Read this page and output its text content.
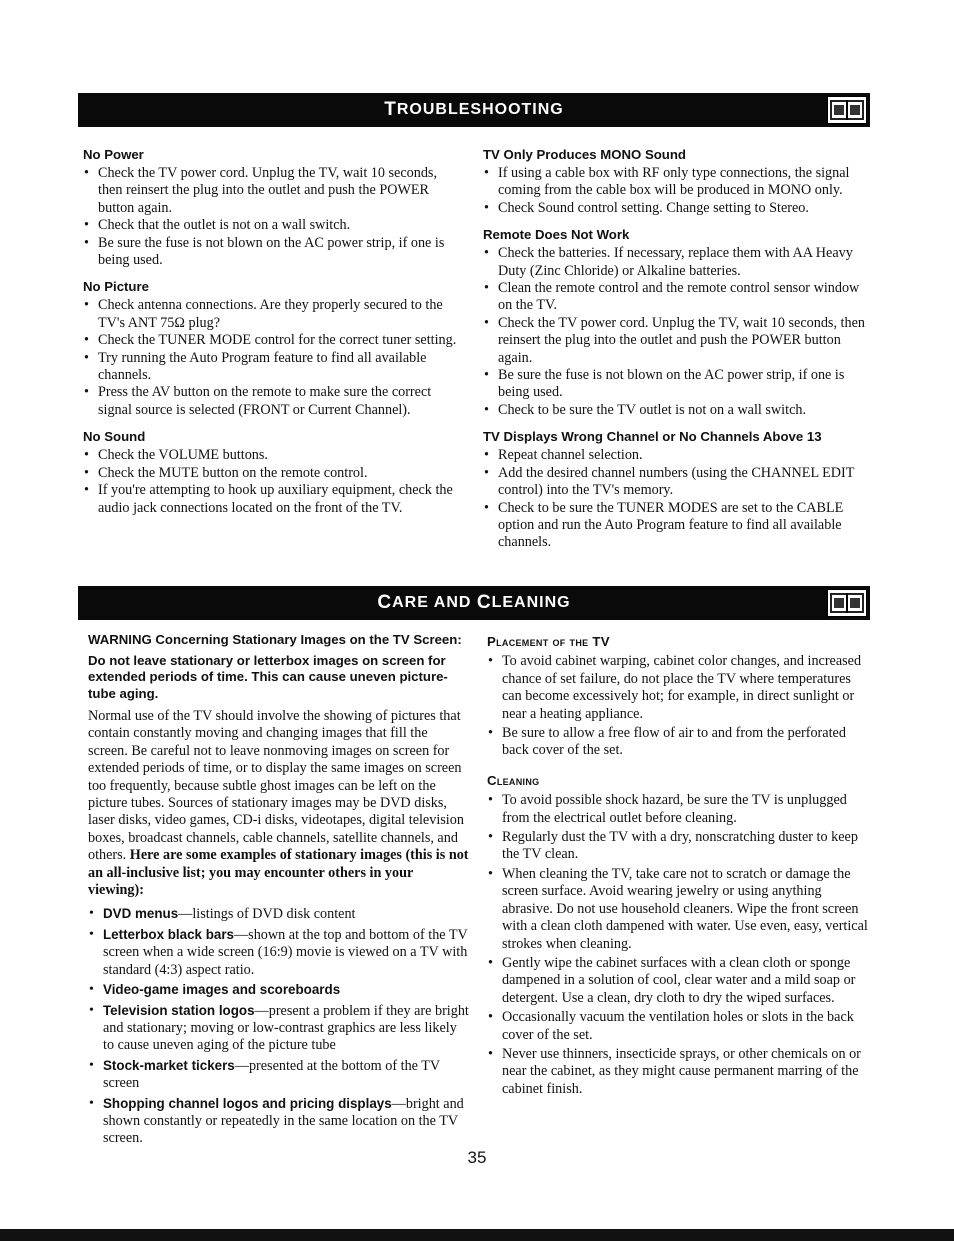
T ROUBLESHOOTING
No Power
• Check the TV power cord. Unplug the TV, wait 10 seconds, then reinsert the plug into the outlet and push the POWER button again.
• Check that the outlet is not on a wall switch.
• Be sure the fuse is not blown on the AC power strip, if one is being used.
No Picture
• Check antenna connections. Are they properly secured to the TV's ANT 75Ω plug?
• Check the TUNER MODE control for the correct tuner setting.
• Try running the Auto Program feature to find all available channels.
• Press the AV button on the remote to make sure the correct signal source is selected (FRONT or Current Channel).
No Sound
• Check the VOLUME buttons.
• Check the MUTE button on the remote control.
• If you're attempting to hook up auxiliary equipment, check the audio jack connections located on the front of the TV.
TV Only Produces MONO Sound
• If using a cable box with RF only type connections, the signal coming from the cable box will be produced in MONO only.
• Check Sound control setting. Change setting to Stereo.
Remote Does Not Work
• Check the batteries. If necessary, replace them with AA Heavy Duty (Zinc Chloride) or Alkaline batteries.
• Clean the remote control and the remote control sensor window on the TV.
• Check the TV power cord. Unplug the TV, wait 10 seconds, then reinsert the plug into the outlet and push the POWER button again.
• Be sure the fuse is not blown on the AC power strip, if one is being used.
• Check to be sure the TV outlet is not on a wall switch.
TV Displays Wrong Channel or No Channels Above 13
• Repeat channel selection.
• Add the desired channel numbers (using the CHANNEL EDIT control) into the TV's memory.
• Check to be sure the TUNER MODES are set to the CABLE option and run the Auto Program feature to find all available channels.
C ARE AND
C LEANING
WARNING Concerning Stationary Images on the TV Screen:
Do not leave stationary or letterbox images on screen for extended periods of time. This can cause uneven picture-tube aging.

Normal use of the TV should involve the showing of pictures that contain constantly moving and changing images that fill the screen. Be careful not to leave nonmoving images on screen for extended periods of time, or to display the same images on screen too frequently, because subtle ghost images can be left on the picture tubes. Sources of stationary images may be DVD disks, laser disks, video games, CD-i disks, videotapes, digital television boxes, broadcast channels, cable channels, satellite channels, and others. Here are some examples of stationary images (this is not an all-inclusive list; you may encounter others in your viewing):

• DVD menus—listings of DVD disk content
• Letterbox black bars—shown at the top and bottom of the TV screen when a wide screen (16:9) movie is viewed on a TV with standard (4:3) aspect ratio.
• Video-game images and scoreboards
• Television station logos—present a problem if they are bright and stationary; moving or low-contrast graphics are less likely to cause uneven aging of the picture tube
• Stock-market tickers—presented at the bottom of the TV screen
• Shopping channel logos and pricing displays—bright and shown constantly or repeatedly in the same location on the TV screen.
Placement of the TV
• To avoid cabinet warping, cabinet color changes, and increased chance of set failure, do not place the TV where temperatures can become excessively hot; for example, in direct sunlight or near a heating appliance.
• Be sure to allow a free flow of air to and from the perforated back cover of the set.
Cleaning
• To avoid possible shock hazard, be sure the TV is unplugged from the electrical outlet before cleaning.
• Regularly dust the TV with a dry, nonscratching duster to keep the TV clean.
• When cleaning the TV, take care not to scratch or damage the screen surface. Avoid wearing jewelry or using anything abrasive. Do not use household cleaners. Wipe the front screen with a clean cloth dampened with water. Use even, easy, vertical strokes when cleaning.
• Gently wipe the cabinet surfaces with a clean cloth or sponge dampened in a solution of cool, clear water and a mild soap or detergent. Use a clean, dry cloth to dry the wiped surfaces.
• Occasionally vacuum the ventilation holes or slots in the back cover of the set.
• Never use thinners, insecticide sprays, or other chemicals on or near the cabinet, as they might cause permanent marring of the cabinet finish.
35
